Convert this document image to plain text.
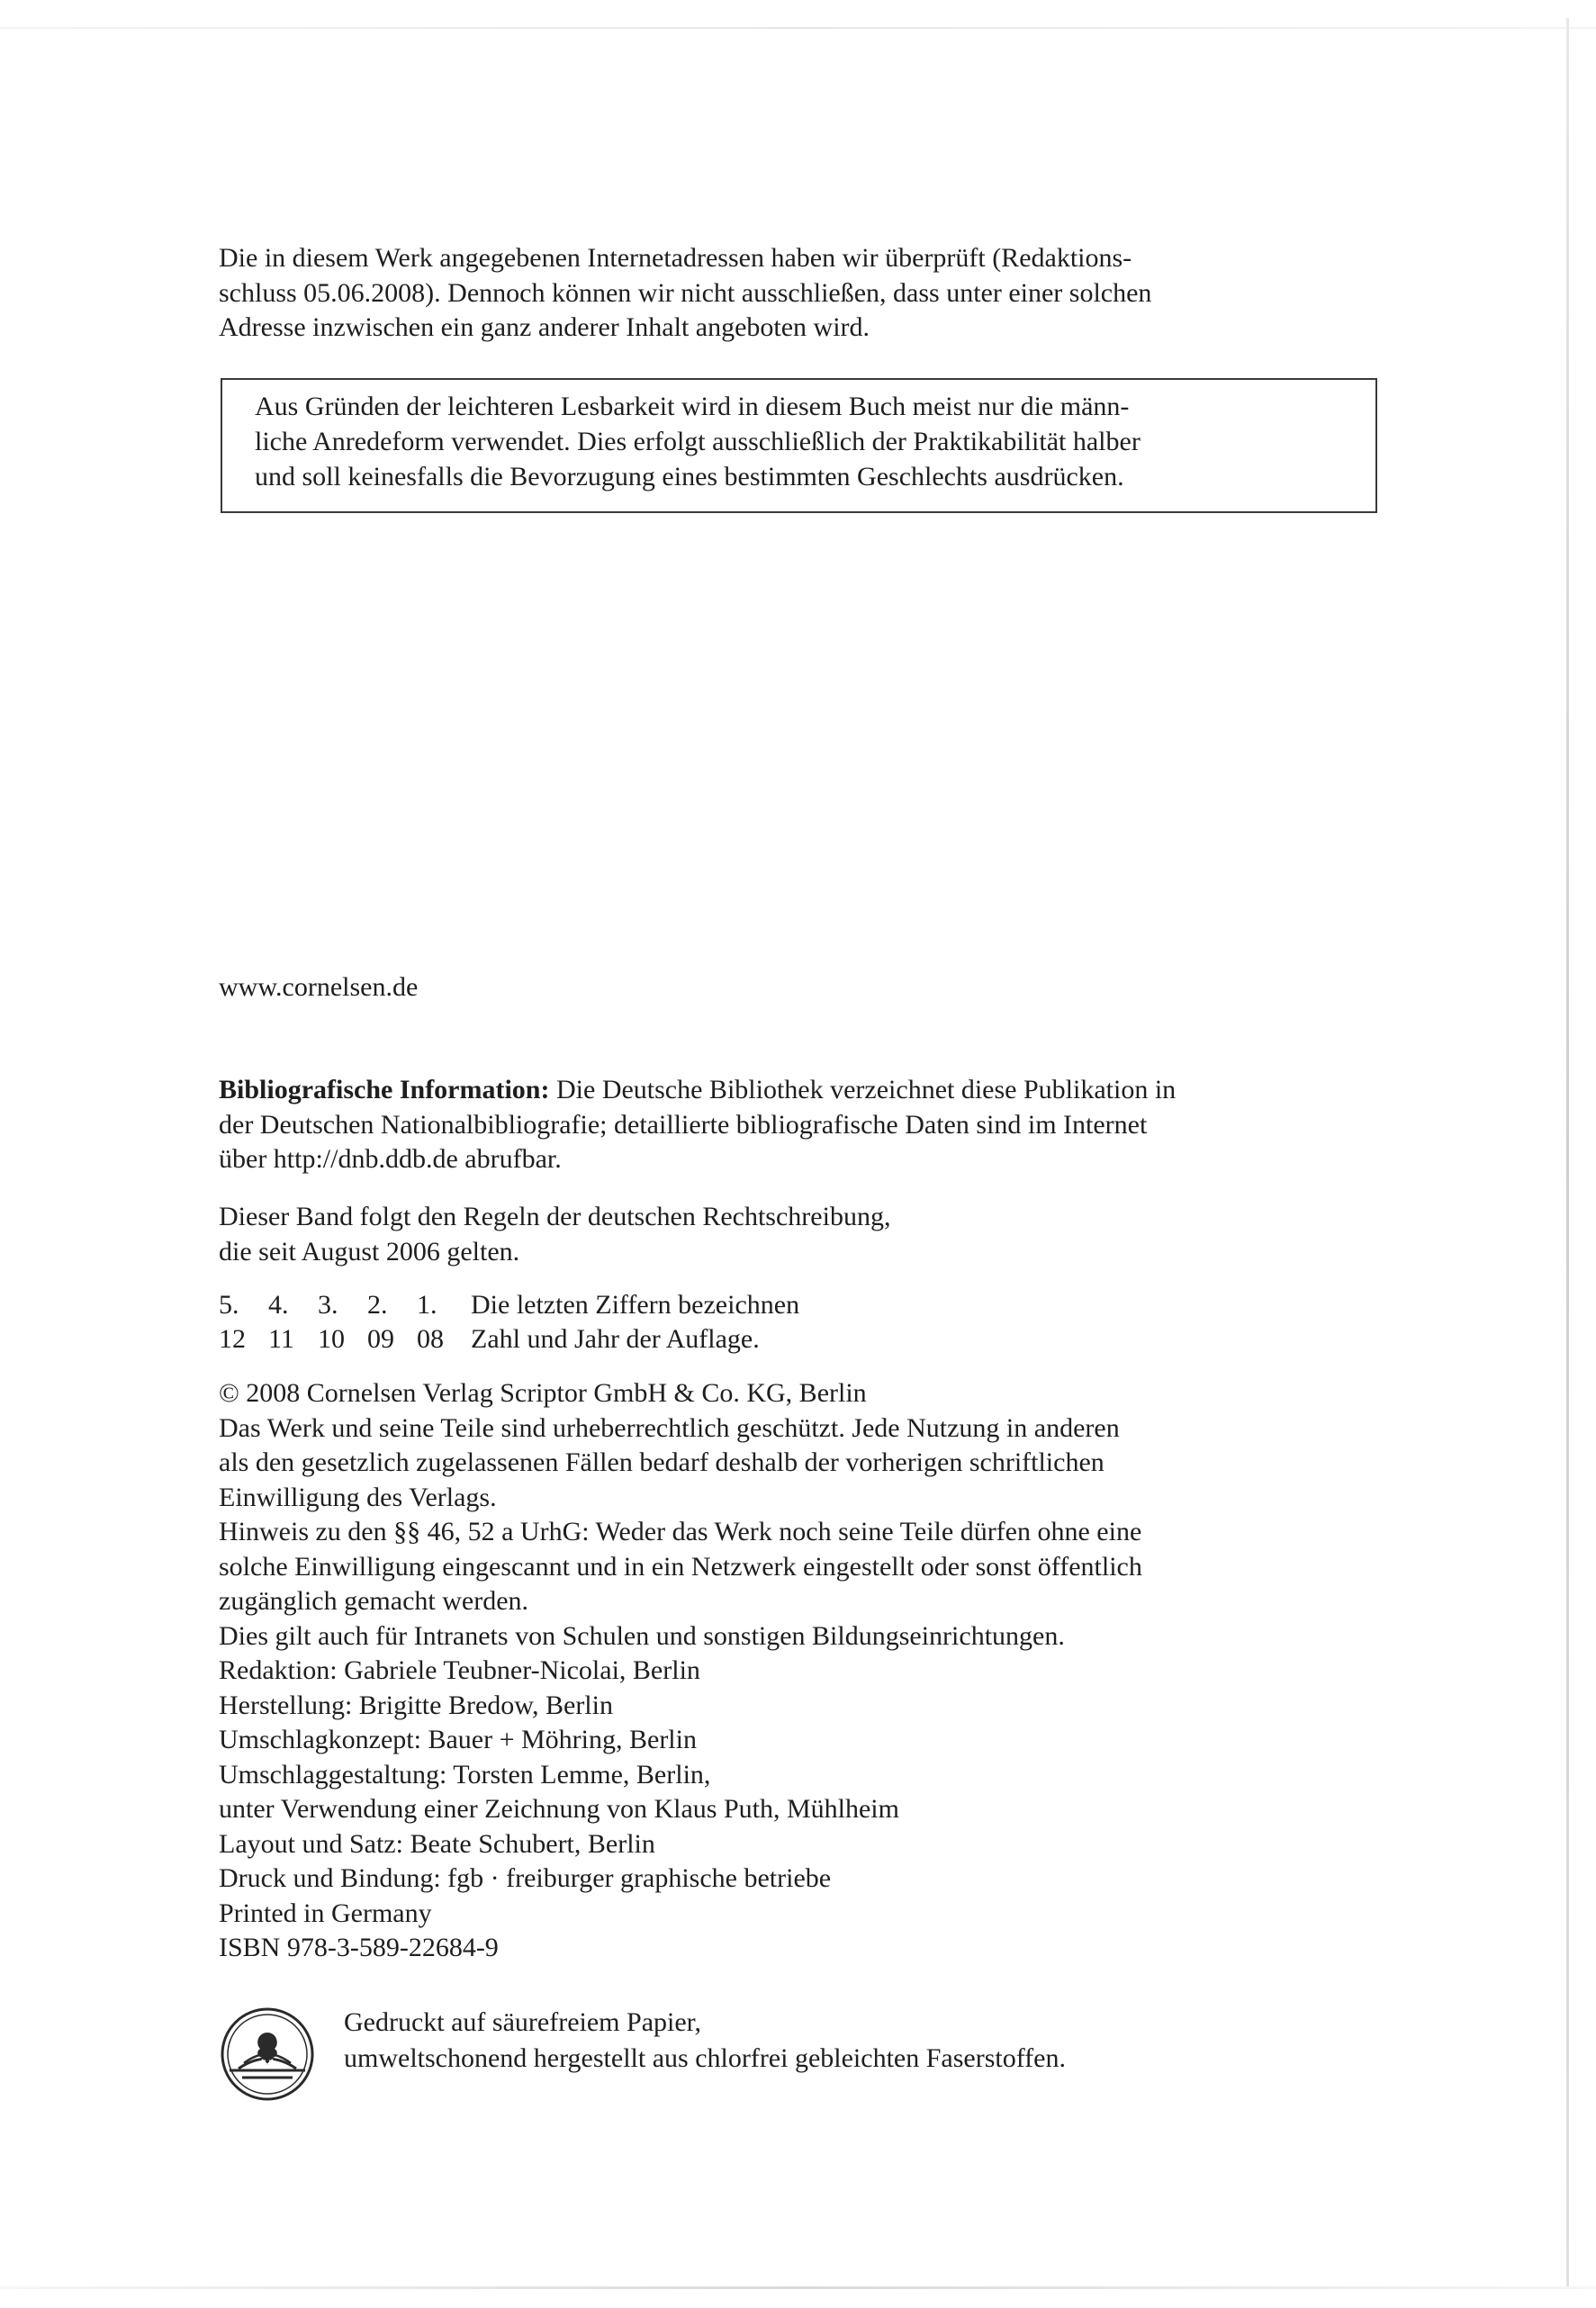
Die in diesem Werk angegebenen Internetadressen haben wir überprüft (Redaktions-
schluss 05.06.2008). Dennoch können wir nicht ausschließen, dass unter einer solchen
Adresse inzwischen ein ganz anderer Inhalt angeboten wird.
Aus Gründen der leichteren Lesbarkeit wird in diesem Buch meist nur die männ-
liche Anredeform verwendet. Dies erfolgt ausschließlich der Praktikabilität halber
und soll keinesfalls die Bevorzugung eines bestimmten Geschlechts ausdrücken.
www.cornelsen.de
Bibliografische Information: Die Deutsche Bibliothek verzeichnet diese Publikation in
der Deutschen Nationalbibliografie; detaillierte bibliografische Daten sind im Internet
über http://dnb.ddb.de abrufbar.
Dieser Band folgt den Regeln der deutschen Rechtschreibung,
die seit August 2006 gelten.
5.	4.	3.	2.	1.	Die letzten Ziffern bezeichnen
12 11 10 09 08	Zahl und Jahr der Auflage.
© 2008 Cornelsen Verlag Scriptor GmbH & Co. KG, Berlin
Das Werk und seine Teile sind urheberrechtlich geschützt. Jede Nutzung in anderen
als den gesetzlich zugelassenen Fällen bedarf deshalb der vorherigen schriftlichen
Einwilligung des Verlags.
Hinweis zu den §§ 46, 52 a UrhG: Weder das Werk noch seine Teile dürfen ohne eine
solche Einwilligung eingescannt und in ein Netzwerk eingestellt oder sonst öffentlich
zugänglich gemacht werden.
Dies gilt auch für Intranets von Schulen und sonstigen Bildungseinrichtungen.
Redaktion: Gabriele Teubner-Nicolai, Berlin
Herstellung: Brigitte Bredow, Berlin
Umschlagkonzept: Bauer + Möhring, Berlin
Umschlaggestaltung: Torsten Lemme, Berlin,
unter Verwendung einer Zeichnung von Klaus Puth, Mühlheim
Layout und Satz: Beate Schubert, Berlin
Druck und Bindung: fgb · freiburger graphische betriebe
Printed in Germany
ISBN 978-3-589-22684-9
Gedruckt auf säurefreiem Papier,
umweltschonend hergestellt aus chlorfrei gebleichten Faserstoffen.
